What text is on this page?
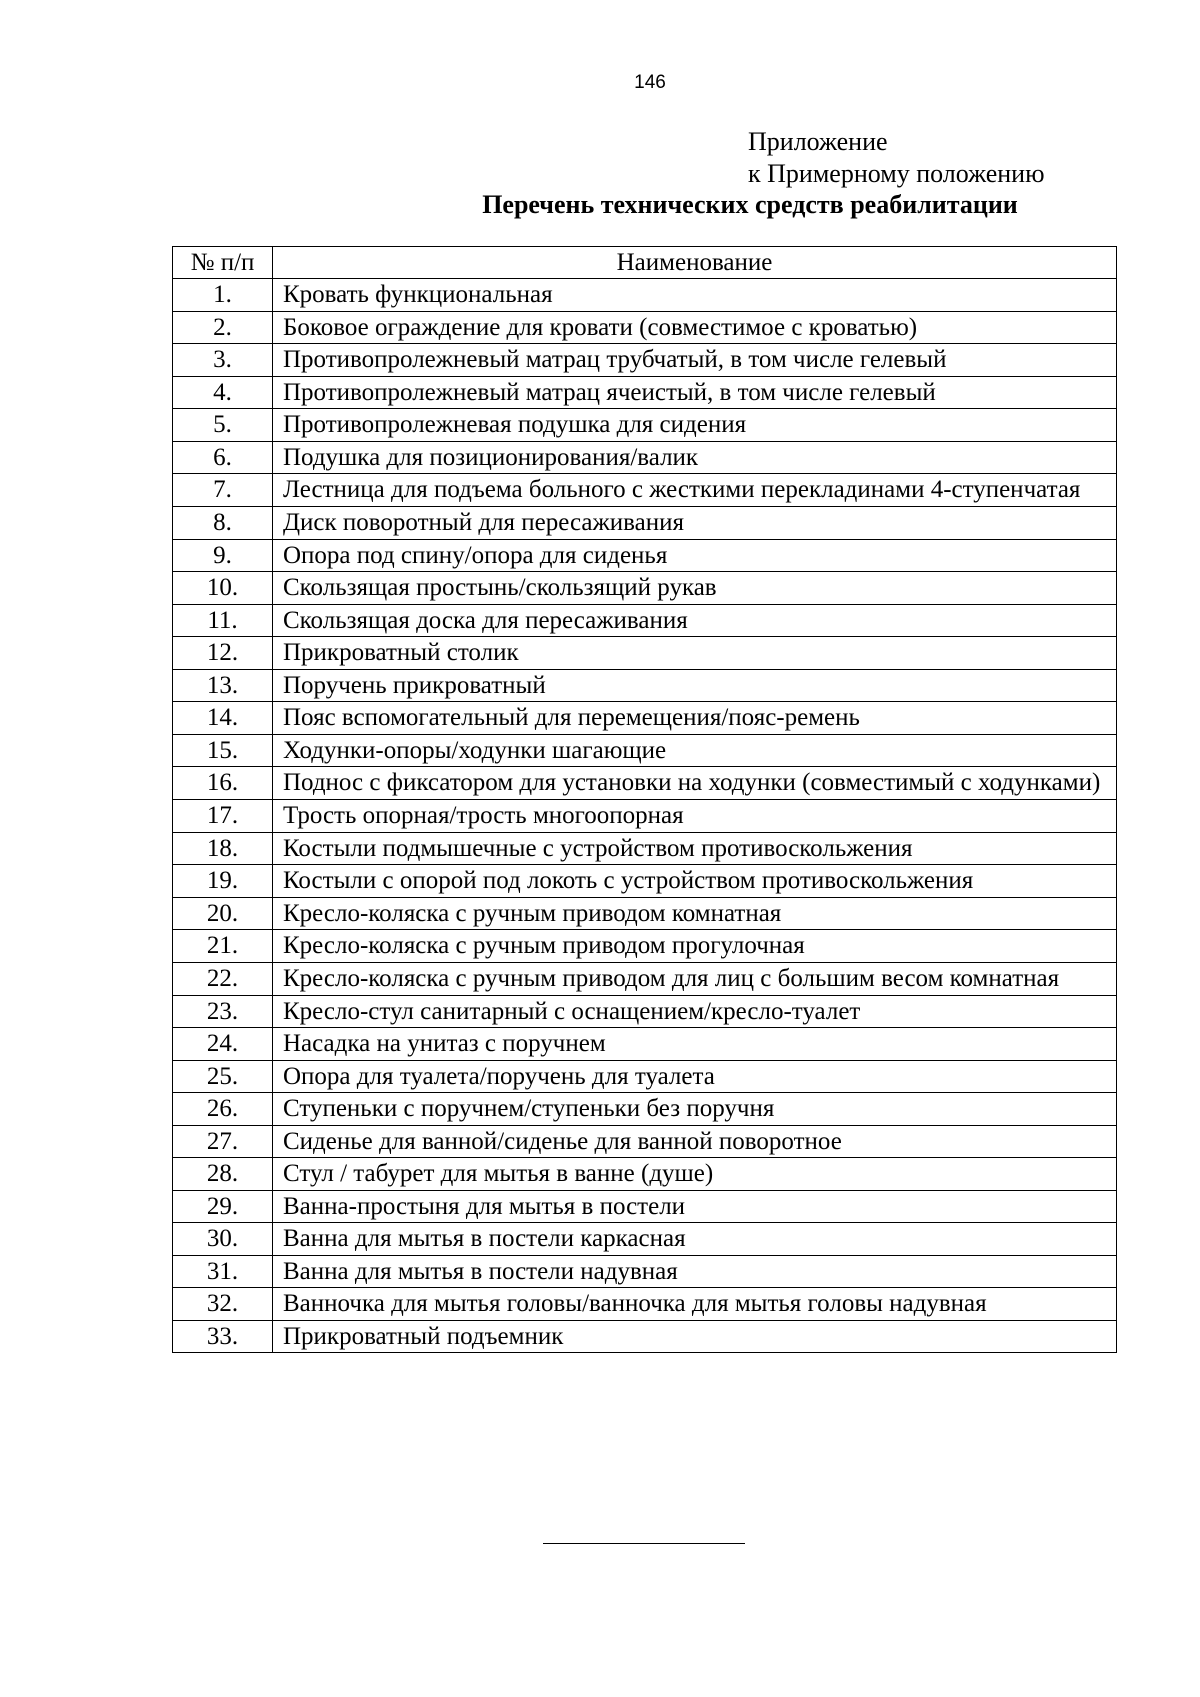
146
Приложение
к Примерному положению
Перечень технических средств реабилитации
№ п/п	Наименование
1.	Кровать функциональная
2.	Боковое ограждение для кровати (совместимое с кроватью)
3.	Противопролежневый матрац трубчатый, в том числе гелевый
4.	Противопролежневый матрац ячеистый, в том числе гелевый
5.	Противопролежневая подушка для сидения
6.	Подушка для позиционирования/валик
7.	Лестница для подъема больного с жесткими перекладинами 4-ступенчатая
8.	Диск поворотный для пересаживания
9.	Опора под спину/опора для сиденья
10.	Скользящая простынь/скользящий рукав
11.	Скользящая доска для пересаживания
12.	Прикроватный столик
13.	Поручень прикроватный
14.	Пояс вспомогательный для перемещения/пояс-ремень
15.	Ходунки-опоры/ходунки шагающие
16.	Поднос с фиксатором для установки на ходунки (совместимый с ходунками)
17.	Трость опорная/трость многоопорная
18.	Костыли подмышечные с устройством противоскольжения
19.	Костыли с опорой под локоть с устройством противоскольжения
20.	Кресло-коляска с ручным приводом комнатная
21.	Кресло-коляска с ручным приводом прогулочная
22.	Кресло-коляска с ручным приводом для лиц с большим весом комнатная
23.	Кресло-стул санитарный с оснащением/кресло-туалет
24.	Насадка на унитаз с поручнем
25.	Опора для туалета/поручень для туалета
26.	Ступеньки с поручнем/ступеньки без поручня
27.	Сиденье для ванной/сиденье для ванной поворотное
28.	Стул / табурет для мытья в ванне (душе)
29.	Ванна-простыня для мытья в постели
30.	Ванна для мытья в постели каркасная
31.	Ванна для мытья в постели надувная
32.	Ванночка для мытья головы/ванночка для мытья головы надувная
33.	Прикроватный подъемник
